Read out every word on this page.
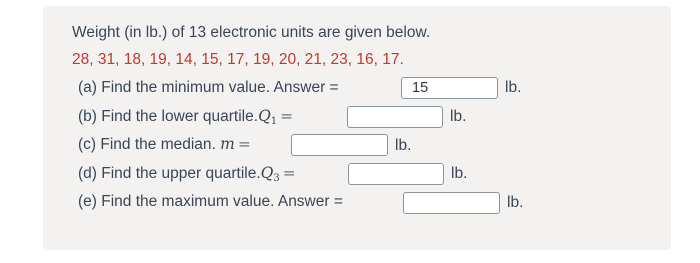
Weight (in lb.) of 13 electronic units are given below.
28, 31, 18, 19, 14, 15, 17, 19, 20, 21, 23, 16, 17.
(a) Find the minimum value. Answer =
15	lb.
(b) Find the lower $quartile.Q_1$ =	lb.
(c) Find the median. m =	lb.
(d) Find the upper $quartile.Q_3$ =	lb.
(e) Find the maximum value. Answer =	lb.
